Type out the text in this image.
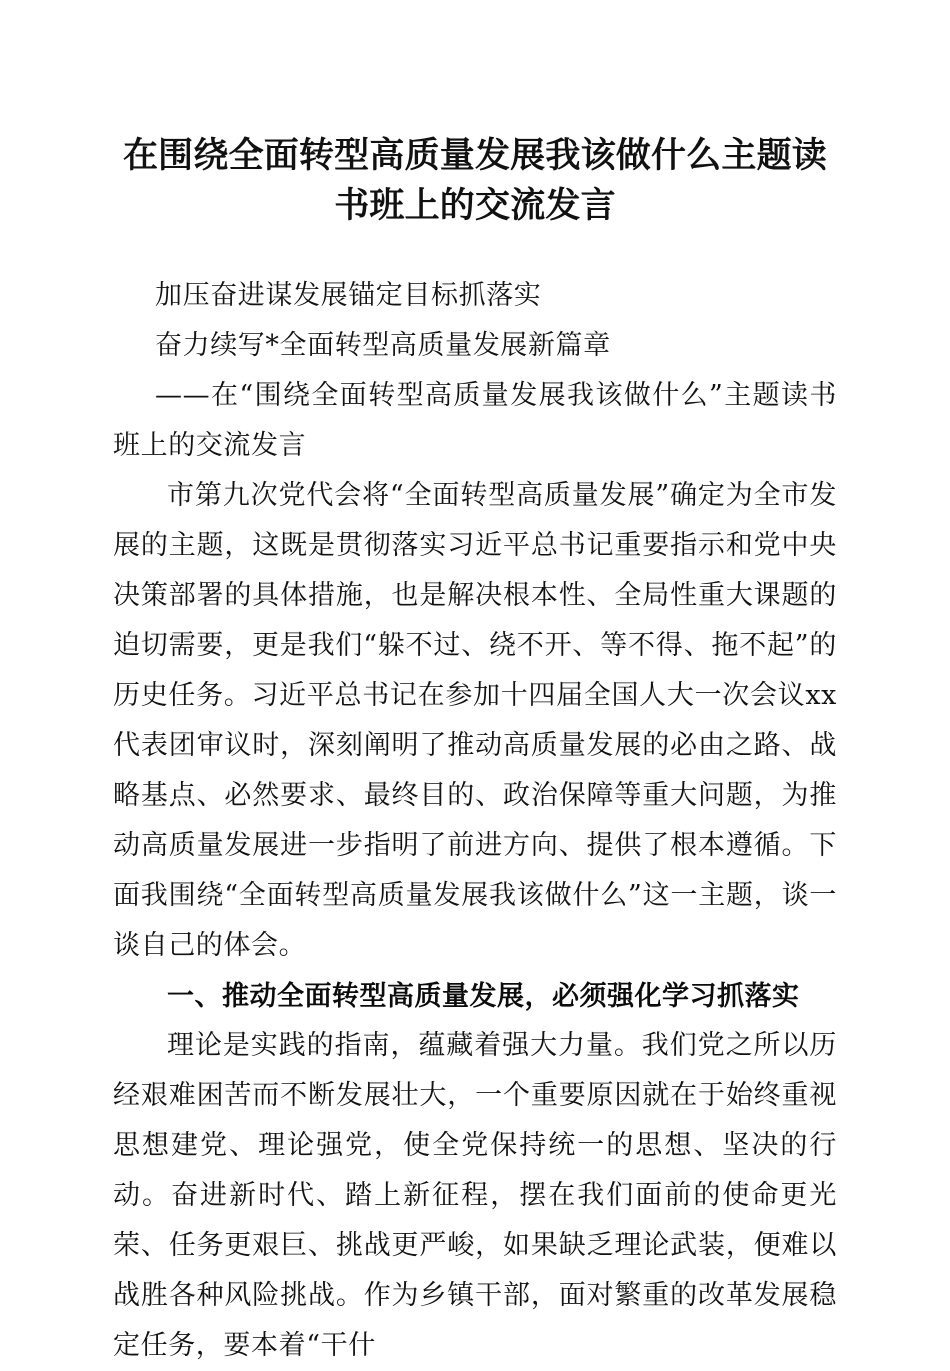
在围绕全面转型高质量发展我该做什么主题读书班上的交流发言

加压奋进谋发展锚定目标抓落实

奋力续写*全面转型高质量发展新篇章

——在“围绕全面转型高质量发展我该做什么”主题读书班上的交流发言

市第九次党代会将“全面转型高质量发展”确定为全市发展的主题，这既是贯彻落实习近平总书记重要指示和党中央决策部署的具体措施，也是解决根本性、全局性重大课题的迫切需要，更是我们“躲不过、绕不开、等不得、拖不起”的历史任务。习近平总书记在参加十四届全国人大一次会议xx代表团审议时，深刻阐明了推动高质量发展的必由之路、战略基点、必然要求、最终目的、政治保障等重大问题，为推动高质量发展进一步指明了前进方向、提供了根本遵循。下面我围绕“全面转型高质量发展我该做什么”这一主题，谈一谈自己的体会。

一、推动全面转型高质量发展，必须强化学习抓落实

理论是实践的指南，蕴藏着强大力量。我们党之所以历经艰难困苦而不断发展壮大，一个重要原因就在于始终重视思想建党、理论强党，使全党保持统一的思想、坚决的行动。奋进新时代、踏上新征程，摆在我们面前的使命更光荣、任务更艰巨、挑战更严峻，如果缺乏理论武装，便难以战胜各种风险挑战。作为乡镇干部，面对繁重的改革发展稳定任务，要本着“干什
